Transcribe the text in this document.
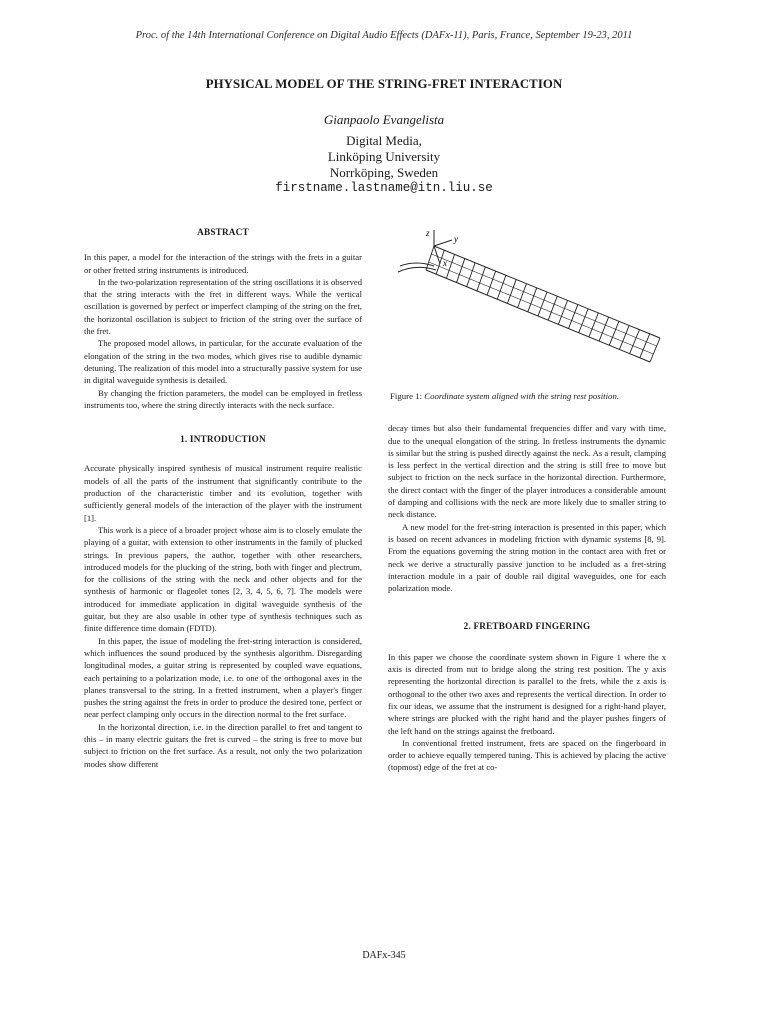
Proc. of the 14th International Conference on Digital Audio Effects (DAFx-11), Paris, France, September 19-23, 2011
PHYSICAL MODEL OF THE STRING-FRET INTERACTION
Gianpaolo Evangelista
Digital Media,
Linköping University
Norrköping, Sweden
firstname.lastname@itn.liu.se
ABSTRACT

In this paper, a model for the interaction of the strings with the frets in a guitar or other fretted string instruments is introduced.

In the two-polarization representation of the string oscillations it is observed that the string interacts with the fret in different ways. While the vertical oscillation is governed by perfect or imperfect clamping of the string on the fret, the horizontal oscillation is subject to friction of the string over the surface of the fret.

The proposed model allows, in particular, for the accurate evaluation of the elongation of the string in the two modes, which gives rise to audible dynamic detuning. The realization of this model into a structurally passive system for use in digital waveguide synthesis is detailed.

By changing the friction parameters, the model can be employed in fretless instruments too, where the string directly interacts with the neck surface.

1. INTRODUCTION

Accurate physically inspired synthesis of musical instrument require realistic models of all the parts of the instrument that significantly contribute to the production of the characteristic timber and its evolution, together with sufficiently general models of the interaction of the player with the instrument [1].

This work is a piece of a broader project whose aim is to closely emulate the playing of a guitar, with extension to other instruments in the family of plucked strings. In previous papers, the author, together with other researchers, introduced models for the plucking of the string, both with finger and plectrum, for the collisions of the string with the neck and other objects and for the synthesis of harmonic or flageolet tones [2, 3, 4, 5, 6, 7]. The models were introduced for immediate application in digital waveguide synthesis of the guitar, but they are also usable in other type of synthesis techniques such as finite difference time domain (FDTD).

In this paper, the issue of modeling the fret-string interaction is considered, which influences the sound produced by the synthesis algorithm. Disregarding longitudinal modes, a guitar string is represented by coupled wave equations, each pertaining to a polarization mode, i.e. to one of the orthogonal axes in the planes transversal to the string. In a fretted instrument, when a player's finger pushes the string against the frets in order to produce the desired tone, perfect or near perfect clamping only occurs in the direction normal to the fret surface.

In the horizontal direction, i.e. in the direction parallel to fret and tangent to this – in many electric guitars the fret is curved – the string is free to move but subject to friction on the fret surface. As a result, not only the two polarization modes show different

z
y
x
Figure 1: Coordinate system aligned with the string rest position.

decay times but also their fundamental frequencies differ and vary with time, due to the unequal elongation of the string. In fretless instruments the dynamic is similar but the string is pushed directly against the neck. As a result, clamping is less perfect in the vertical direction and the string is still free to move but subject to friction on the neck surface in the horizontal direction. Furthermore, the direct contact with the finger of the player introduces a considerable amount of damping and collisions with the neck are more likely due to smaller string to neck distance.

A new model for the fret-string interaction is presented in this paper, which is based on recent advances in modeling friction with dynamic systems [8, 9]. From the equations governing the string motion in the contact area with fret or neck we derive a structurally passive junction to be included as a fret-string interaction module in a pair of double rail digital waveguides, one for each polarization mode.

2. FRETBOARD FINGERING

In this paper we choose the coordinate system shown in Figure 1 where the x axis is directed from nut to bridge along the string rest position. The y axis representing the horizontal direction is parallel to the frets, while the z axis is orthogonal to the other two axes and represents the vertical direction. In order to fix our ideas, we assume that the instrument is designed for a right-hand player, where strings are plucked with the right hand and the player pushes fingers of the left hand on the strings against the fretboard.

In conventional fretted instrument, frets are spaced on the fingerboard in order to achieve equally tempered tuning. This is achieved by placing the active (topmost) edge of the fret at co-

DAFx-345
